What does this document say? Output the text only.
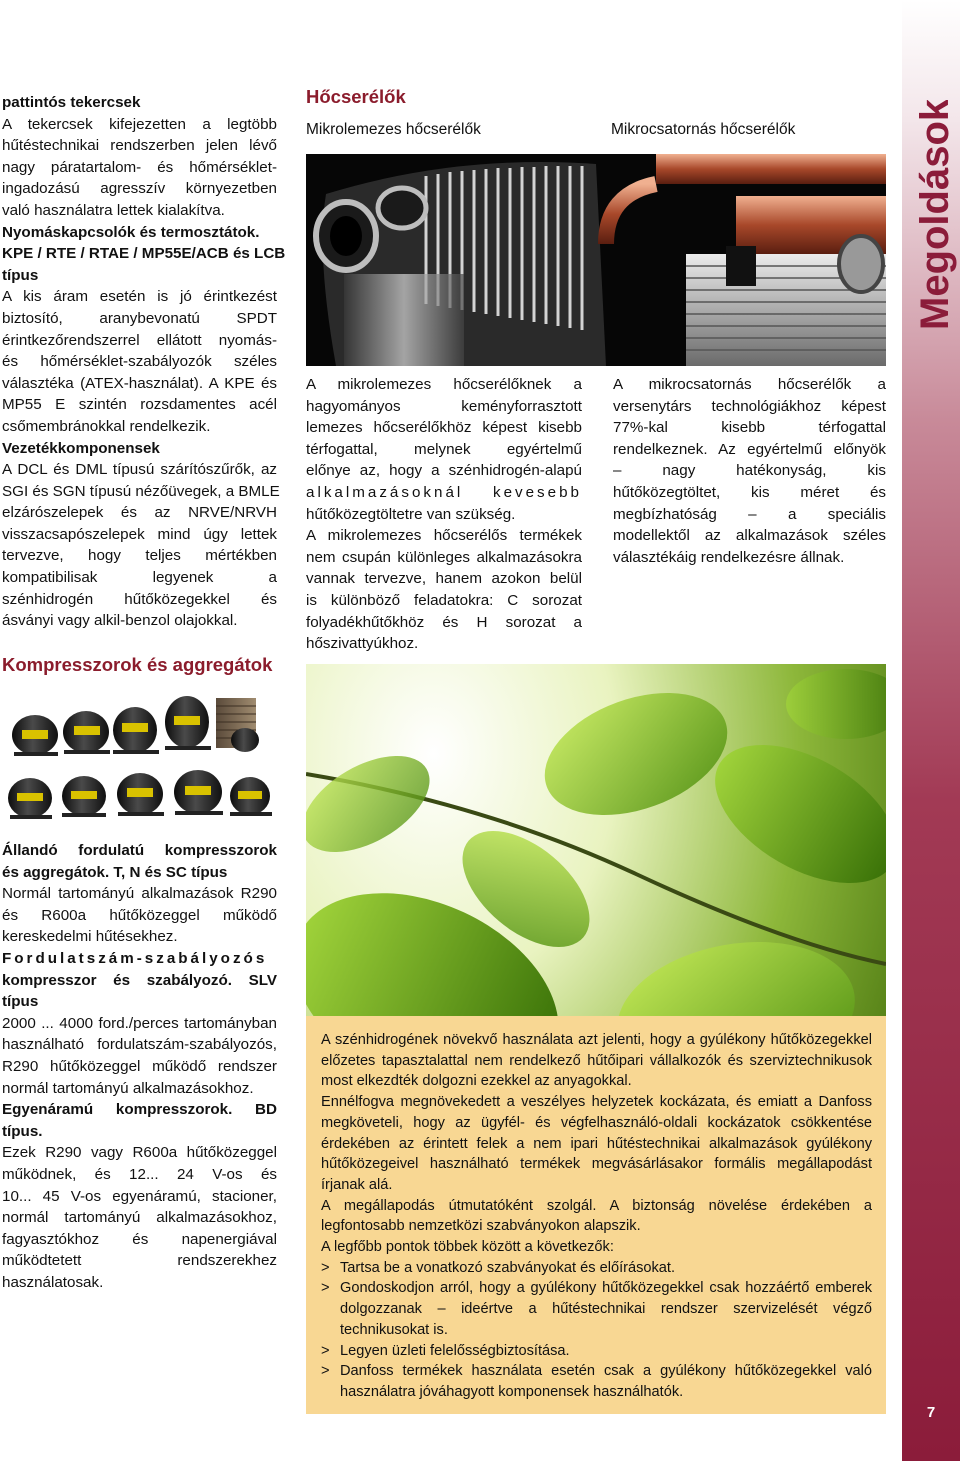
pattintós tekercsek
A tekercsek kifejezetten a legtöbb
hűtéstechnikai rendszerben jelen lévő
nagy páratartalom- és hőmérséklet-
ingadozású agresszív környezetben
való használatra lettek kialakítva.
Nyomáskapcsolók és termosztátok.
KPE / RTE / RTAE / MP55E/ACB és LCB
típus
A kis áram esetén is jó érintkezést
biztosító, aranybevonatú SPDT
érintkezőrendszerrel ellátott nyomás-
és hőmérséklet-szabályozók széles
választéka (ATEX-használat). A KPE és
MP55 E szintén rozsdamentes acél
csőmembránokkal rendelkezik.
Vezetékkomponensek
A DCL és DML típusú szárítószűrők, az
SGI és SGN típusú nézőüvegek, a BMLE
elzárószelepek és az NRVE/NRVH
visszacsapószelepek mind úgy lettek
tervezve, hogy teljes mértékben
kompatibilisak legyenek a
szénhidrogén hűtőközegekkel és
ásványi vagy alkil-benzol olajokkal.
Kompresszorok és aggregátok
Állandó fordulatú kompresszorok
és aggregátok. T, N és SC típus
Normál tartományú alkalmazások R290
és R600a hűtőközeggel működő
kereskedelmi hűtésekhez.
Fordulatszám-szabályozós
kompresszor és szabályozó. SLV
típus
2000 ... 4000 ford./perces tartományban
használható fordulatszám-szabályozós,
R290 hűtőközeggel működő rendszer
normál tartományú alkalmazásokhoz.
Egyenáramú kompresszorok. BD
típus.
Ezek R290 vagy R600a hűtőközeggel
működnek, és 12... 24 V-os és
10... 45 V-os egyenáramú, stacioner,
normál tartományú alkalmazásokhoz,
fagyasztókhoz és napenergiával
működtetett rendszerekhez
használatosak.
Hőcserélők
Mikrolemezes hőcserélők	Mikrocsatornás hőcserélők
A mikrolemezes hőcserélőknek a
hagyományos keményforrasztott
lemezes hőcserélőkhöz képest kisebb
térfogattal, melynek egyértelmű
előnye az, hogy a szénhidrogén-alapú
alkalmazásoknál kevesebb
hűtőközegtöltetre van szükség.
A mikrolemezes hőcserélős termékek
nem csupán különleges alkalmazásokra
vannak tervezve, hanem azokon belül
is különböző feladatokra: C sorozat
folyadékhűtőkhöz és H sorozat a
hőszivattyúkhoz.
A mikrocsatornás hőcserélők a
versenytárs technológiákhoz képest
77%-kal kisebb térfogattal
rendelkeznek. Az egyértelmű előnyök
– nagy hatékonyság, kis
hűtőközegtöltet, kis méret és
megbízhatóság – a speciális
modellektől az alkalmazások széles
választékáig rendelkezésre állnak.

A szénhidrogének növekvő használata azt jelenti, hogy a gyúlékony hűtőközegekkel előzetes tapasztalattal nem rendelkező hűtőipari vállalkozók és szerviztechnikusok most elkezdték dolgozni ezekkel az anyagokkal.

Ennélfogva megnövekedett a veszélyes helyzetek kockázata, és emiatt a Danfoss megköveteli, hogy az ügyfél- és végfelhasználó-oldali kockázatok csökkentése érdekében az érintett felek a nem ipari hűtéstechnikai alkalmazások gyúlékony hűtőközegeivel használható termékek megvásárlásakor formális megállapodást írjanak alá.

A megállapodás útmutatóként szolgál. A biztonság növelése érdekében a legfontosabb nemzetközi szabványokon alapszik.

A legfőbb pontok többek között a következők:

> Tartsa be a vonatkozó szabványokat és előírásokat.
> Gondoskodjon arról, hogy a gyúlékony hűtőközegekkel csak hozzáértő emberek dolgozzanak – ideértve a hűtéstechnikai rendszer szervizelését végző technikusokat is.
> Legyen üzleti felelősségbiztosítása.
> Danfoss termékek használata esetén csak a gyúlékony hűtőközegekkel való használatra jóváhagyott komponensek használhatók.
Megoldások
7
